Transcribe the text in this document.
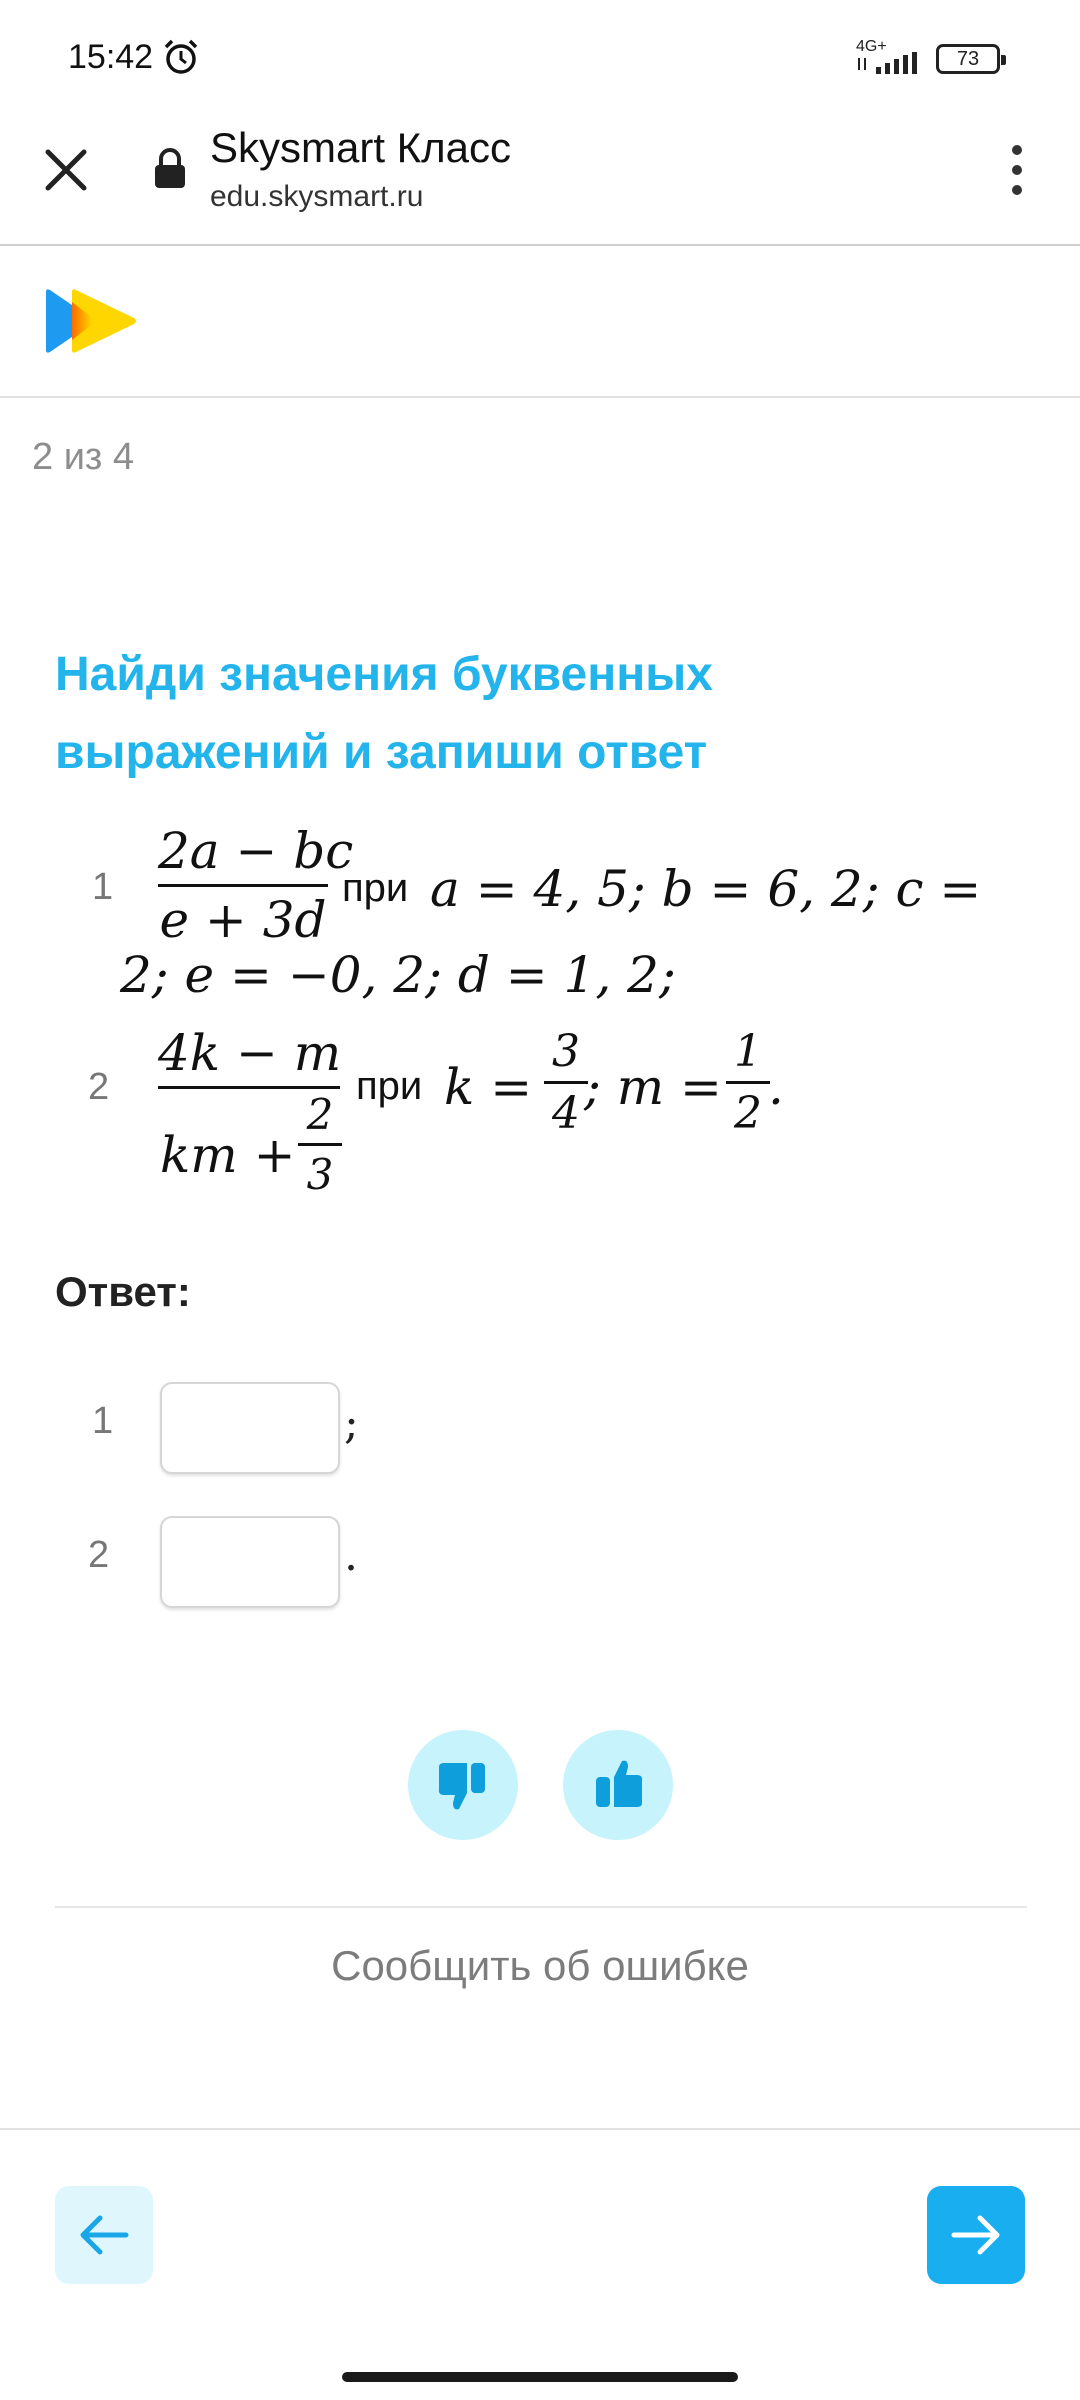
15:42	4G+
73
Skysmart Класс
edu.skysmart.ru
2 из 4
Найди значения буквенных
выражений и запиши ответ
1
2a − bc
e + 3d
при a = 4, 5; b = 6, 2; c =
2; e = −0, 2; d = 1, 2;
2
4k − m
km +
2
3
при k =
3
4 ; m =
1
2 .
Ответ:
1	;
2	.
Сообщить об ошибке
